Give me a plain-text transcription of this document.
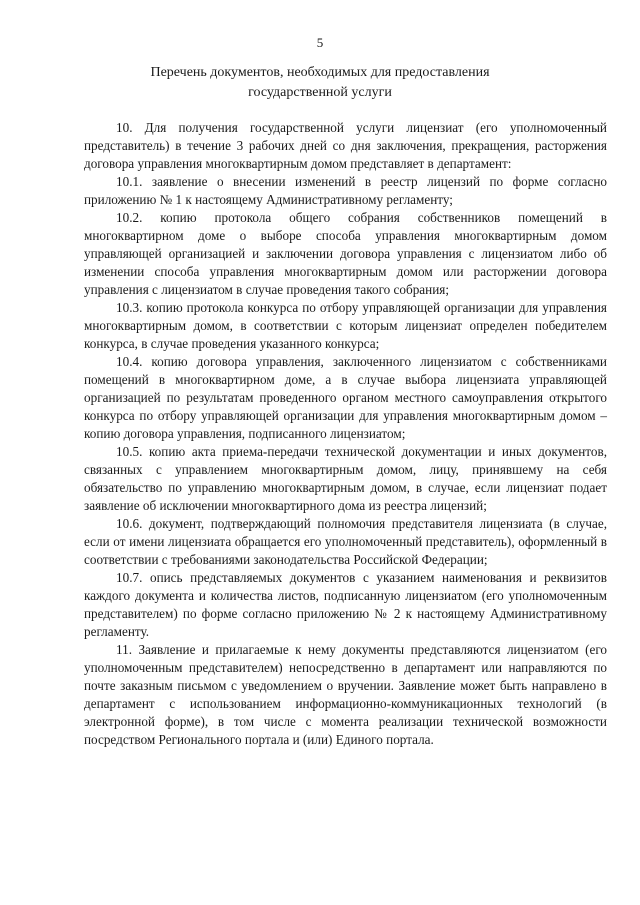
5
Перечень документов, необходимых для предоставления
государственной услуги

10. Для получения государственной услуги лицензиат (его уполномоченный представитель) в течение 3 рабочих дней со дня заключения, прекращения, расторжения договора управления многоквартирным домом представляет в департамент:

10.1. заявление о внесении изменений в реестр лицензий по форме согласно приложению № 1 к настоящему Административному регламенту;

10.2. копию протокола общего собрания собственников помещений в многоквартирном доме о выборе способа управления многоквартирным домом управляющей организацией и заключении договора управления с лицензиатом либо об изменении способа управления многоквартирным домом или расторжении договора управления с лицензиатом в случае проведения такого собрания;

10.3. копию протокола конкурса по отбору управляющей организации для управления многоквартирным домом, в соответствии с которым лицензиат определен победителем конкурса, в случае проведения указанного конкурса;

10.4. копию договора управления, заключенного лицензиатом с собственниками помещений в многоквартирном доме, а в случае выбора лицензиата управляющей организацией по результатам проведенного органом местного самоуправления открытого конкурса по отбору управляющей организации для управления многоквартирным домом – копию договора управления, подписанного лицензиатом;

10.5. копию акта приема-передачи технической документации и иных документов, связанных с управлением многоквартирным домом, лицу, принявшему на себя обязательство по управлению многоквартирным домом, в случае, если лицензиат подает заявление об исключении многоквартирного дома из реестра лицензий;

10.6. документ, подтверждающий полномочия представителя лицензиата (в случае, если от имени лицензиата обращается его уполномоченный представитель), оформленный в соответствии с требованиями законодательства Российской Федерации;

10.7. опись представляемых документов с указанием наименования и реквизитов каждого документа и количества листов, подписанную лицензиатом (его уполномоченным представителем) по форме согласно приложению № 2 к настоящему Административному регламенту.

11. Заявление и прилагаемые к нему документы представляются лицензиатом (его уполномоченным представителем) непосредственно в департамент или направляются по почте заказным письмом с уведомлением о вручении. Заявление может быть направлено в департамент с использованием информационно-коммуникационных технологий (в электронной форме), в том числе с момента реализации технической возможности посредством Регионального портала и (или) Единого портала.
